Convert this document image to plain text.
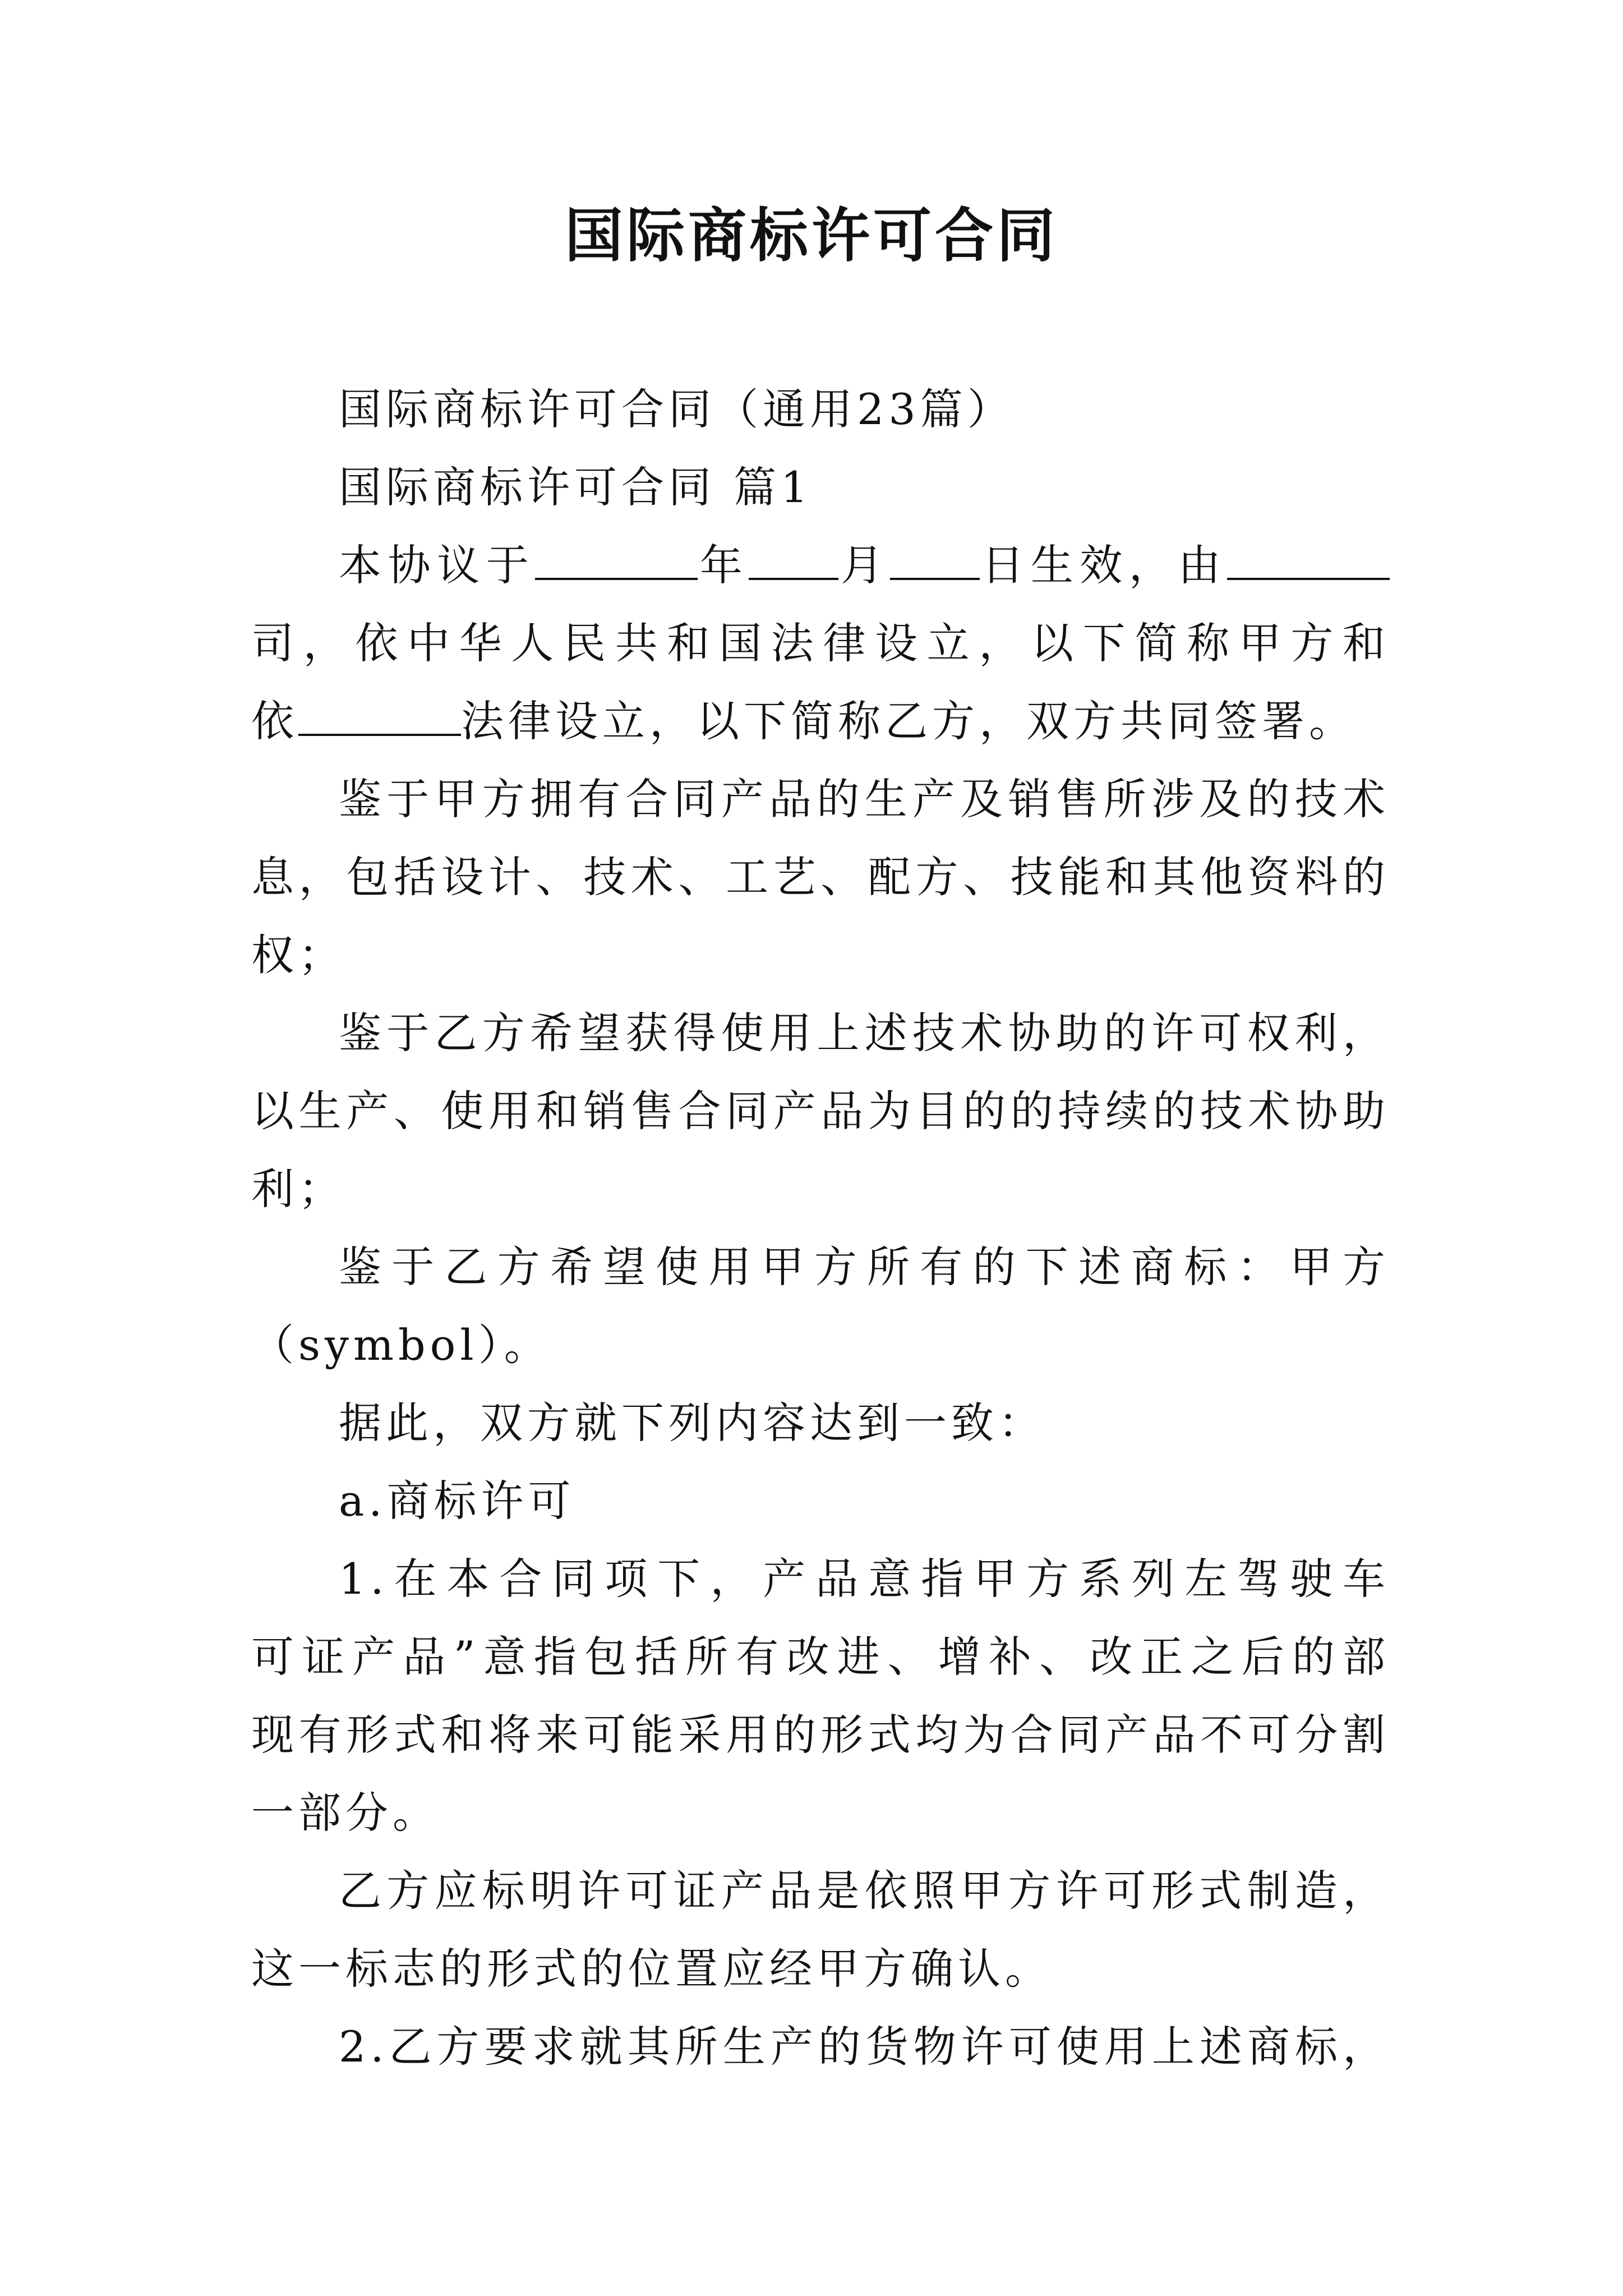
国际商标许可合同
国际商标许可合同（通用23篇）
国际商标许可合同 篇1
本协议于	年 月 日生效，由
司，依中华人民共和国法律设立，以下简称甲方和
依	法律设立，以下简称乙方，双方共同签署。
鉴于甲方拥有合同产品的生产及销售所涉及的技术
息，包括设计、技术、工艺、配方、技能和其他资料的
权；
鉴于乙方希望获得使用上述技术协助的许可权利，
以生产、使用和销售合同产品为目的的持续的技术协助
利；
鉴于乙方希望使用甲方所有的下述商标：甲方
（symbol）。
据此，双方就下列内容达到一致：
a.商标许可
1.在本合同项下，产品意指甲方系列左驾驶车
可证产品”意指包括所有改进、增补、改正之后的部
现有形式和将来可能采用的形式均为合同产品不可分割
一部分。
乙方应标明许可证产品是依照甲方许可形式制造，
这一标志的形式的位置应经甲方确认。
2.乙方要求就其所生产的货物许可使用上述商标，
